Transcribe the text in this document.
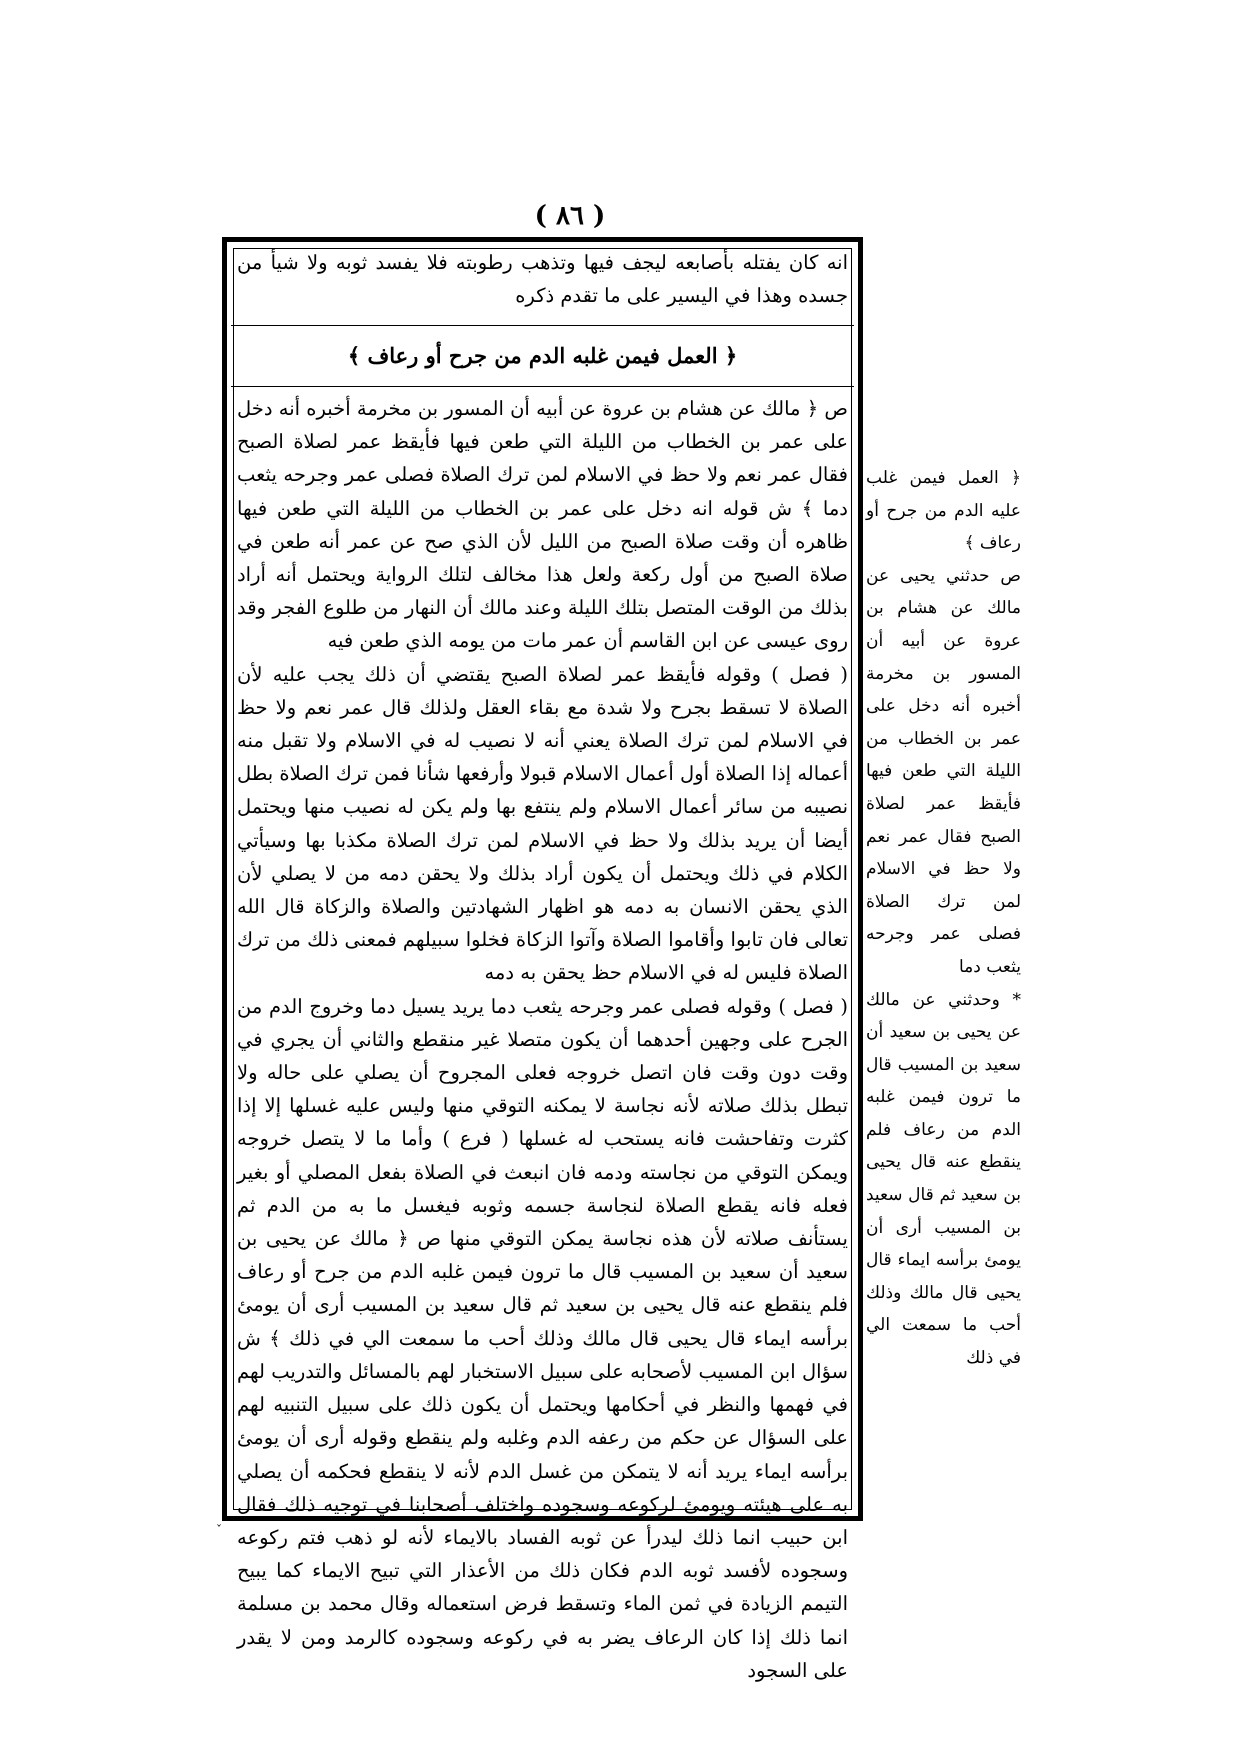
( ٨٦ )
انه كان يفتله بأصابعه ليجف فيها وتذهب رطوبته فلا يفسد ثوبه ولا شيأ من جسده وهذا في اليسير على ما تقدم ذكره
﴿ العمل فيمن غلبه الدم من جرح أو رعاف ﴾

ص ﴿ مالك عن هشام بن عروة عن أبيه أن المسور بن مخرمة أخبره أنه دخل على عمر بن الخطاب من الليلة التي طعن فيها فأيقظ عمر لصلاة الصبح فقال عمر نعم ولا حظ في الاسلام لمن ترك الصلاة فصلى عمر وجرحه يثعب دما ﴾ ش قوله انه دخل على عمر بن الخطاب من الليلة التي طعن فيها ظاهره أن وقت صلاة الصبح من الليل لأن الذي صح عن عمر أنه طعن في صلاة الصبح من أول ركعة ولعل هذا مخالف لتلك الرواية ويحتمل أنه أراد بذلك من الوقت المتصل بتلك الليلة وعند مالك أن النهار من طلوع الفجر وقد روى عيسى عن ابن القاسم أن عمر مات من يومه الذي طعن فيه

( فصل ) وقوله فأيقظ عمر لصلاة الصبح يقتضي أن ذلك يجب عليه لأن الصلاة لا تسقط بجرح ولا شدة مع بقاء العقل ولذلك قال عمر نعم ولا حظ في الاسلام لمن ترك الصلاة يعني أنه لا نصيب له في الاسلام ولا تقبل منه أعماله إذا الصلاة أول أعمال الاسلام قبولا وأرفعها شأنا فمن ترك الصلاة بطل نصيبه من سائر أعمال الاسلام ولم ينتفع بها ولم يكن له نصيب منها ويحتمل أيضا أن يريد بذلك ولا حظ في الاسلام لمن ترك الصلاة مكذبا بها وسيأتي الكلام في ذلك ويحتمل أن يكون أراد بذلك ولا يحقن دمه من لا يصلي لأن الذي يحقن الانسان به دمه هو اظهار الشهادتين والصلاة والزكاة قال الله تعالى فان تابوا وأقاموا الصلاة وآتوا الزكاة فخلوا سبيلهم فمعنى ذلك من ترك الصلاة فليس له في الاسلام حظ يحقن به دمه

( فصل ) وقوله فصلى عمر وجرحه يثعب دما يريد يسيل دما وخروج الدم من الجرح على وجهين أحدهما أن يكون متصلا غير منقطع والثاني أن يجري في وقت دون وقت فان اتصل خروجه فعلى المجروح أن يصلي على حاله ولا تبطل بذلك صلاته لأنه نجاسة لا يمكنه التوقي منها وليس عليه غسلها إلا إذا كثرت وتفاحشت فانه يستحب له غسلها ( فرع ) وأما ما لا يتصل خروجه ويمكن التوقي من نجاسته ودمه فان انبعث في الصلاة بفعل المصلي أو بغير فعله فانه يقطع الصلاة لنجاسة جسمه وثوبه فيغسل ما به من الدم ثم يستأنف صلاته لأن هذه نجاسة يمكن التوقي منها ص ﴿ مالك عن يحيى بن سعيد أن سعيد بن المسيب قال ما ترون فيمن غلبه الدم من جرح أو رعاف فلم ينقطع عنه قال يحيى بن سعيد ثم قال سعيد بن المسيب أرى أن يومئ برأسه ايماء قال يحيى قال مالك وذلك أحب ما سمعت الي في ذلك ﴾ ش سؤال ابن المسيب لأصحابه على سبيل الاستخبار لهم بالمسائل والتدريب لهم في فهمها والنظر في أحكامها ويحتمل أن يكون ذلك على سبيل التنبيه لهم على السؤال عن حكم من رعفه الدم وغلبه ولم ينقطع وقوله أرى أن يومئ برأسه ايماء يريد أنه لا يتمكن من غسل الدم لأنه لا ينقطع فحكمه أن يصلي به على هيئته ويومئ لركوعه وسجوده واختلف أصحابنا في توجيه ذلك فقال ابن حبيب انما ذلك ليدرأ عن ثوبه الفساد بالايماء لأنه لو ذهب فتم ركوعه وسجوده لأفسد ثوبه الدم فكان ذلك من الأعذار التي تبيح الايماء كما يبيح التيمم الزيادة في ثمن الماء وتسقط فرض استعماله وقال محمد بن مسلمة انما ذلك إذا كان الرعاف يضر به في ركوعه وسجوده كالرمد ومن لا يقدر على السجود

﴿ العمل فيمن غلب عليه الدم من جرح أو رعاف ﴾

ص حدثني يحيى عن مالك عن هشام بن عروة عن أبيه أن المسور بن مخرمة أخبره أنه دخل على عمر بن الخطاب من الليلة التي طعن فيها فأيقظ عمر لصلاة الصبح فقال عمر نعم ولا حظ في الاسلام لمن ترك الصلاة فصلى عمر وجرحه يثعب دما

* وحدثني عن مالك عن يحيى بن سعيد أن سعيد بن المسيب قال ما ترون فيمن غلبه الدم من رعاف فلم ينقطع عنه قال يحيى بن سعيد ثم قال سعيد بن المسيب أرى أن يومئ برأسه ايماء قال يحيى قال مالك وذلك أحب ما سمعت الي في ذلك

ˇ
